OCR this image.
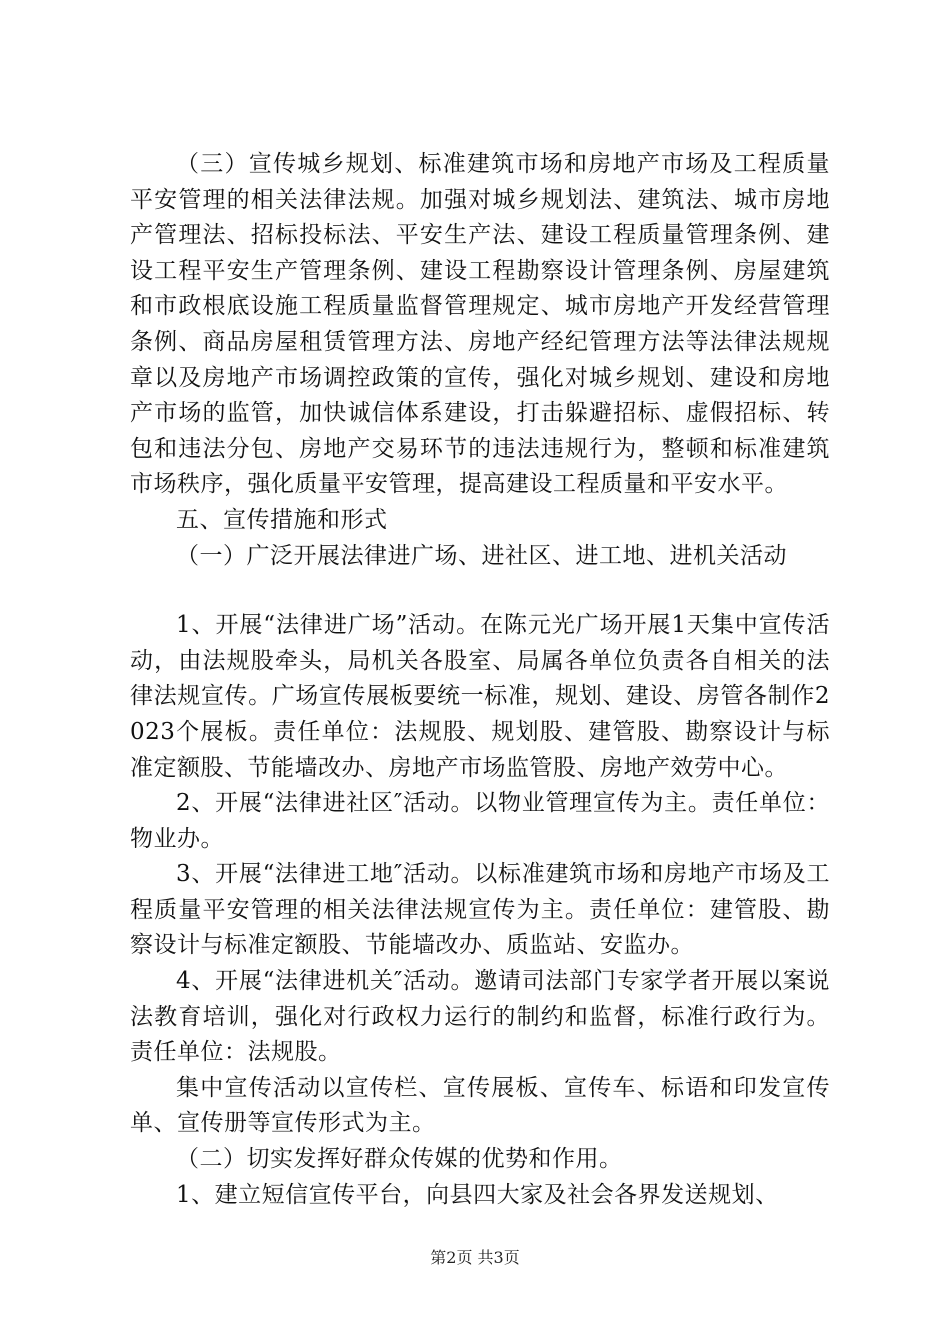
（三）宣传城乡规划、标准建筑市场和房地产市场及工程质量平安管理的相关法律法规。加强对城乡规划法、建筑法、城市房地产管理法、招标投标法、平安生产法、建设工程质量管理条例、建设工程平安生产管理条例、建设工程勘察设计管理条例、房屋建筑和市政根底设施工程质量监督管理规定、城市房地产开发经营管理条例、商品房屋租赁管理方法、房地产经纪管理方法等法律法规规章以及房地产市场调控政策的宣传，强化对城乡规划、建设和房地产市场的监管，加快诚信体系建设，打击躲避招标、虚假招标、转包和违法分包、房地产交易环节的违法违规行为，整顿和标准建筑市场秩序，强化质量平安管理，提高建设工程质量和平安水平。

五、宣传措施和形式

（一）广泛开展法律进广场、进社区、进工地、进机关活动

1、开展“法律进广场”活动。在陈元光广场开展1天集中宣传活动，由法规股牵头，局机关各股室、局属各单位负责各自相关的法律法规宣传。广场宣传展板要统一标准，规划、建设、房管各制作2023个展板。责任单位：法规股、规划股、建管股、勘察设计与标准定额股、节能墙改办、房地产市场监管股、房地产效劳中心。

2、开展“法律进社区″活动。以物业管理宣传为主。责任单位：物业办。

3、开展“法律进工地″活动。以标准建筑市场和房地产市场及工程质量平安管理的相关法律法规宣传为主。责任单位：建管股、勘察设计与标准定额股、节能墙改办、质监站、安监办。

4、开展“法律进机关″活动。邀请司法部门专家学者开展以案说法教育培训，强化对行政权力运行的制约和监督，标准行政行为。责任单位：法规股。

集中宣传活动以宣传栏、宣传展板、宣传车、标语和印发宣传单、宣传册等宣传形式为主。

（二）切实发挥好群众传媒的优势和作用。

1、建立短信宣传平台，向县四大家及社会各界发送规划、

第2页 共3页
